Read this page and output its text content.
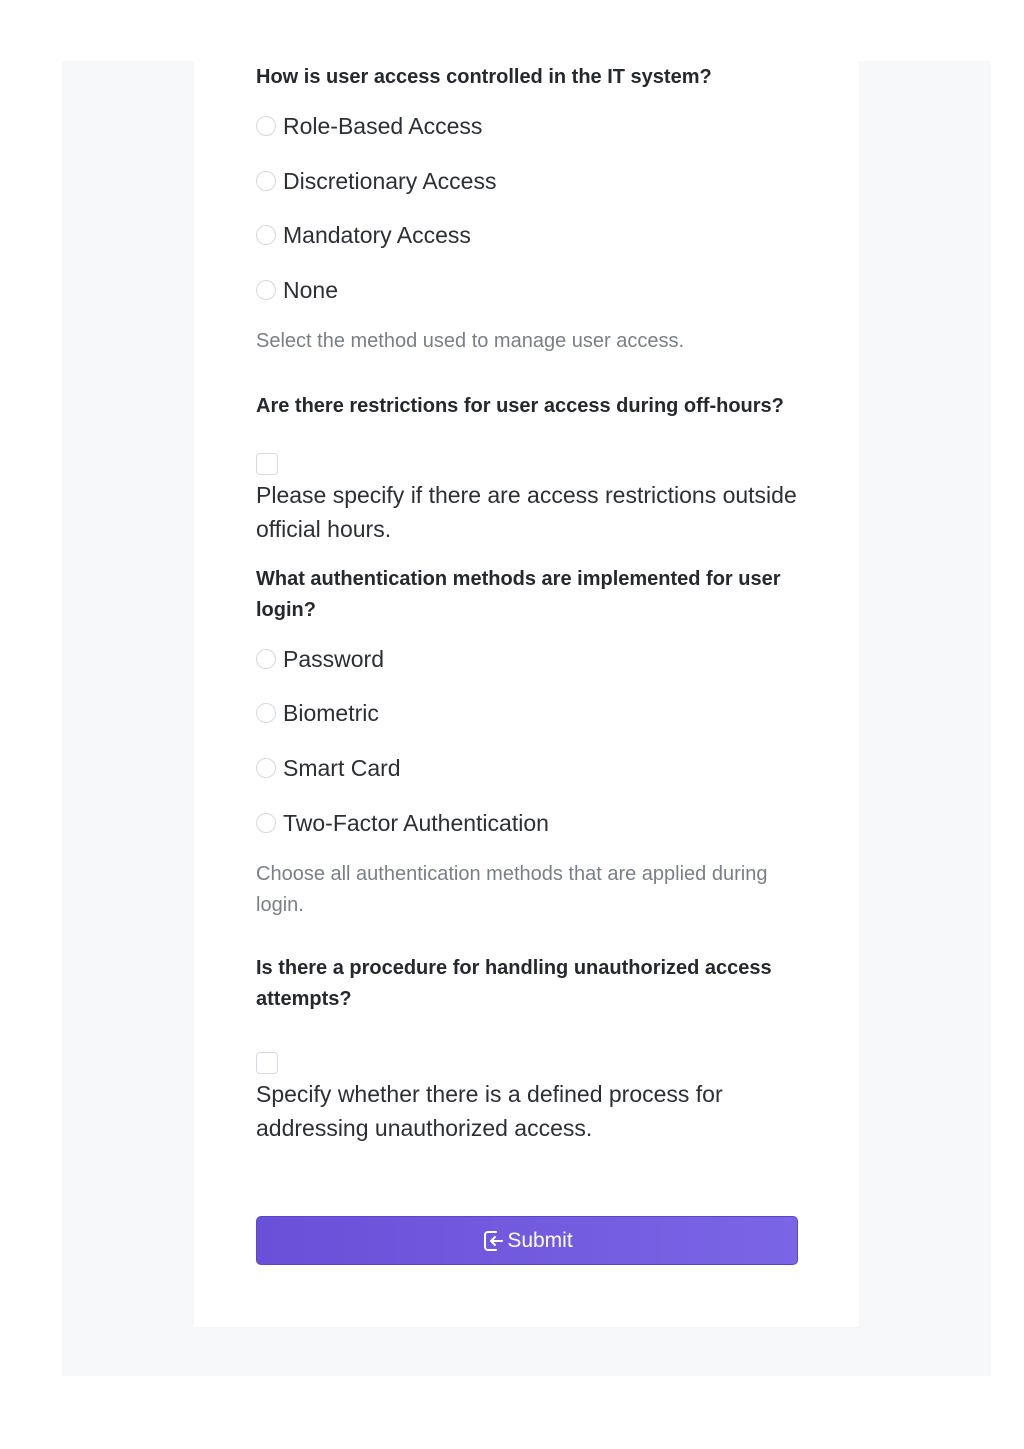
How is user access controlled in the IT system?

Role-Based Access
Discretionary Access
Mandatory Access
None

Select the method used to manage user access.

Are there restrictions for user access during off-hours?

Please specify if there are access restrictions outside official hours.

What authentication methods are implemented for user login?

Password
Biometric
Smart Card
Two-Factor Authentication

Choose all authentication methods that are applied during login.

Is there a procedure for handling unauthorized access attempts?

Specify whether there is a defined process for addressing unauthorized access.

Submit
